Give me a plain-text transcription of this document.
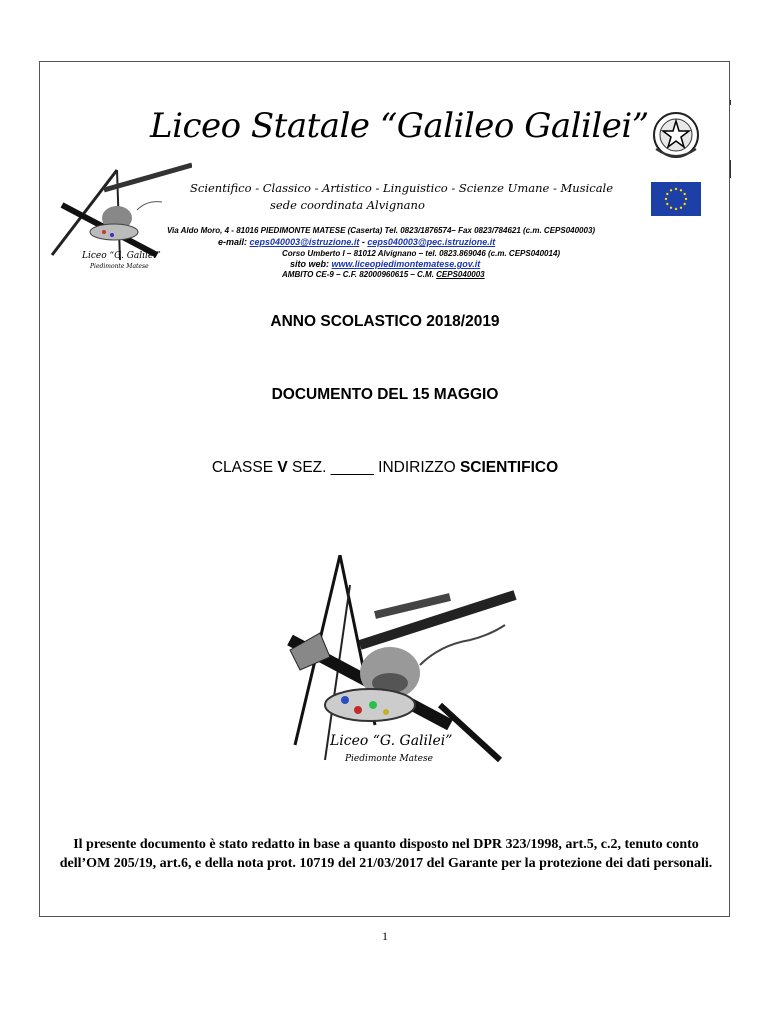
Liceo “G. Galilei”
Piedimonte Matese
Liceo Statale “Galileo Galilei”
Scientifico - Classico - Artistico - Linguistico - Scienze Umane - Musicale
sede coordinata Alvignano
Via Aldo Moro, 4 - 81016 PIEDIMONTE MATESE (Caserta) Tel. 0823/1876574– Fax 0823/784621 (c.m. CEPS040003)
e-mail: ceps040003@istruzione.it - ceps040003@pec.istruzione.it
Corso Umberto I – 81012 Alvignano – tel. 0823.869046 (c.m. CEPS040014)
sito web: www.liceopiedimontematese.gov.it
AMBITO CE-9 – C.F. 82000960615 – C.M. CEPS040003
ANNO SCOLASTICO 2018/2019
DOCUMENTO DEL 15 MAGGIO
CLASSE V SEZ. _____ INDIRIZZO SCIENTIFICO
Liceo “G. Galilei”
Piedimonte Matese
Il presente documento è stato redatto in base a quanto disposto nel DPR 323/1998, art.5, c.2, tenuto conto dell’OM 205/19, art.6, e della nota prot. 10719 del 21/03/2017 del Garante per la protezione dei dati personali.
1
